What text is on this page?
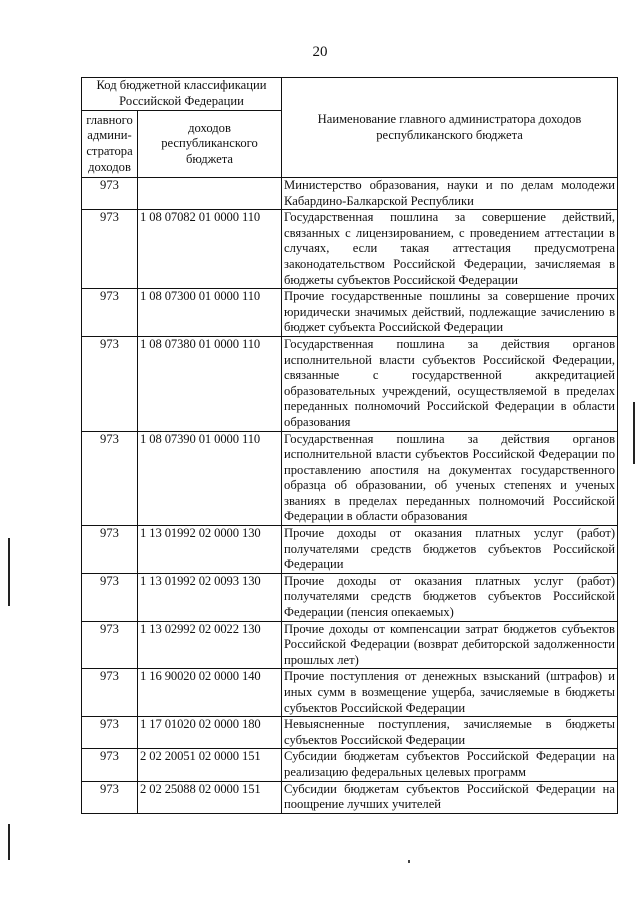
20
Код бюджетной классификации Российской Федерации		Наименование главного администратора доходов республиканского бюджета
главного админи-стратора доходов	доходов республиканского бюджета	
973		Министерство образования, науки и по делам молодежи Кабардино-Балкарской Республики
973	1 08 07082 01 0000 110	Государственная пошлина за совершение действий, связанных с лицензированием, с проведением аттестации в случаях, если такая аттестация предусмотрена законодательством Российской Федерации, зачисляемая в бюджеты субъектов Российской Федерации
973	1 08 07300 01 0000 110	Прочие государственные пошлины за совершение прочих юридически значимых действий, подлежащие зачислению в бюджет субъекта Российской Федерации
973	1 08 07380 01 0000 110	Государственная пошлина за действия органов исполнительной власти субъектов Российской Федерации, связанные с государственной аккредитацией образовательных учреждений, осуществляемой в пределах переданных полномочий Российской Федерации в области образования
973	1 08 07390 01 0000 110	Государственная пошлина за действия органов исполнительной власти субъектов Российской Федерации по проставлению апостиля на документах государственного образца об образовании, об ученых степенях и ученых званиях в пределах переданных полномочий Российской Федерации в области образования
973	1 13 01992 02 0000 130	Прочие доходы от оказания платных услуг (работ) получателями средств бюджетов субъектов Российской Федерации
973	1 13 01992 02 0093 130	Прочие доходы от оказания платных услуг (работ) получателями средств бюджетов субъектов Российской Федерации (пенсия опекаемых)
973	1 13 02992 02 0022 130	Прочие доходы от компенсации затрат бюджетов субъектов Российской Федерации (возврат дебиторской задолженности прошлых лет)
973	1 16 90020 02 0000 140	Прочие поступления от денежных взысканий (штрафов) и иных сумм в возмещение ущерба, зачисляемые в бюджеты субъектов Российской Федерации
973	1 17 01020 02 0000 180	Невыясненные поступления, зачисляемые в бюджеты субъектов Российской Федерации
973	2 02 20051 02 0000 151	Субсидии бюджетам субъектов Российской Федерации на реализацию федеральных целевых программ
973	2 02 25088 02 0000 151	Субсидии бюджетам субъектов Российской Федерации на поощрение лучших учителей
